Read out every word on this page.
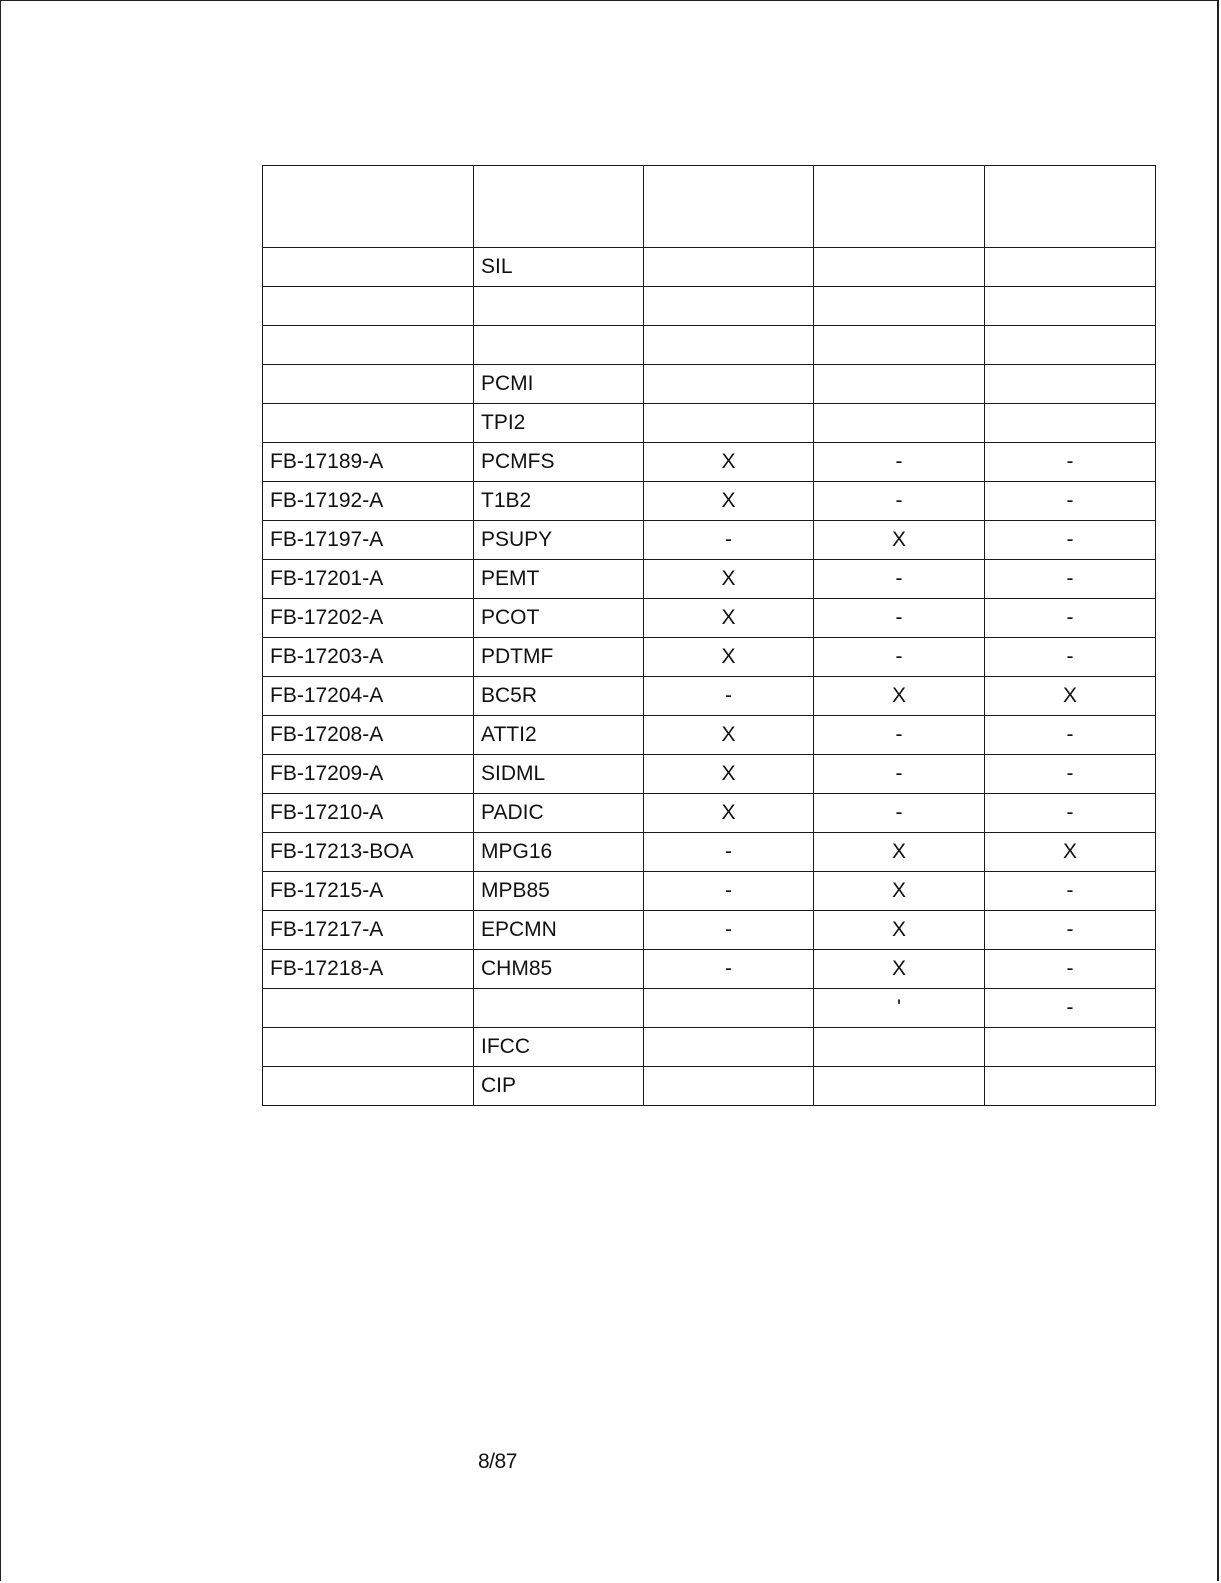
	SIL			

	PCMI			
	TPI2			
FB-17189-A	PCMFS	X	-	-
FB-17192-A	T1B2	X	-	-
FB-17197-A	PSUPY	-	X	-
FB-17201-A	PEMT	X	-	-
FB-17202-A	PCOT	X	-	-
FB-17203-A	PDTMF	X	-	-
FB-17204-A	BC5R	-	X	X
FB-17208-A	ATTI2	X	-	-
FB-17209-A	SIDML	X	-	-
FB-17210-A	PADIC	X	-	-
FB-17213-BOA	MPG16	-	X	X
FB-17215-A	MPB85	-	X	-
FB-17217-A	EPCMN	-	X	-
FB-17218-A	CHM85	-	X	-
			'	-
	IFCC			
	CIP			
8/87
